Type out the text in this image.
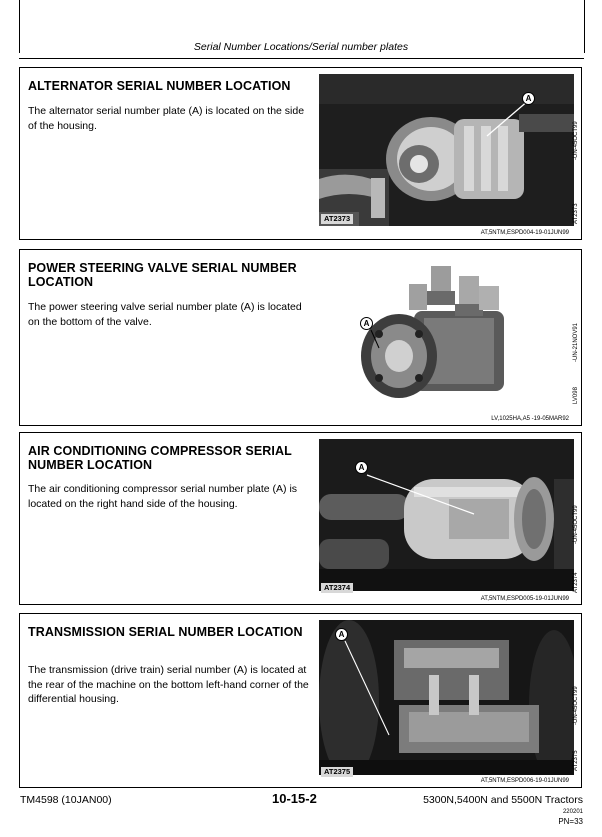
Serial Number Locations/Serial number plates
ALTERNATOR SERIAL NUMBER LOCATION
The alternator serial number plate (A) is located on the side of the housing.
A
AT2373
-UN-45OCT99
AT2373
AT,5NTM,ESPD004-19-01JUN99
POWER STEERING VALVE SERIAL NUMBER LOCATION
The power steering valve serial number plate (A) is located on the bottom of the valve.	A	-UN-21NOV91
LV098
LV,1025HA,A5 -19-05MAR92
AIR CONDITIONING COMPRESSOR SERIAL NUMBER LOCATION
The air conditioning compressor serial number plate (A) is located on the right hand side of the housing.
A
AT2374
-UN-45OCT99
AT2374
AT,5NTM,ESPD005-19-01JUN99
TRANSMISSION SERIAL NUMBER LOCATION
The transmission (drive train) serial number (A) is located at the rear of the machine on the bottom left-hand corner of the differential housing.
A
AT2375
-UN-45OCT99
AT2375
AT,5NTM,ESPD006-19-01JUN99
TM4598 (10JAN00)	10-15-2	5300N,5400N and 5500N Tractors
220201
PN=33
